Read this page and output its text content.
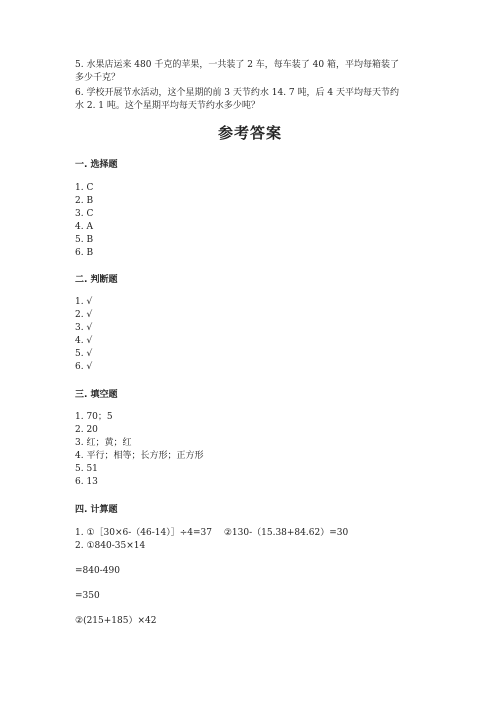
5. 水果店运来 480 千克的苹果，一共装了 2 车，每车装了 40 箱，平均每箱装了
多少千克？
6. 学校开展节水活动，这个星期的前 3 天节约水 14. 7 吨，后 4 天平均每天节约
水 2. 1 吨。这个星期平均每天节约水多少吨？
参考答案
一. 选择题
1. C
2. B
3. C
4. A
5. B
6. B
二. 判断题
1. √
2. √
3. √
4. √
5. √
6. √
三. 填空题
1. 70；5
2. 20
3. 红；黄；红
4. 平行；相等；长方形；正方形
5. 51
6. 13
四. 计算题
1. ①［30×6-（46-14）］÷4=37　 ②130-（15.38+84.62）=30
2. ①840-35×14
=840-490
=350
②(215+185）×42
